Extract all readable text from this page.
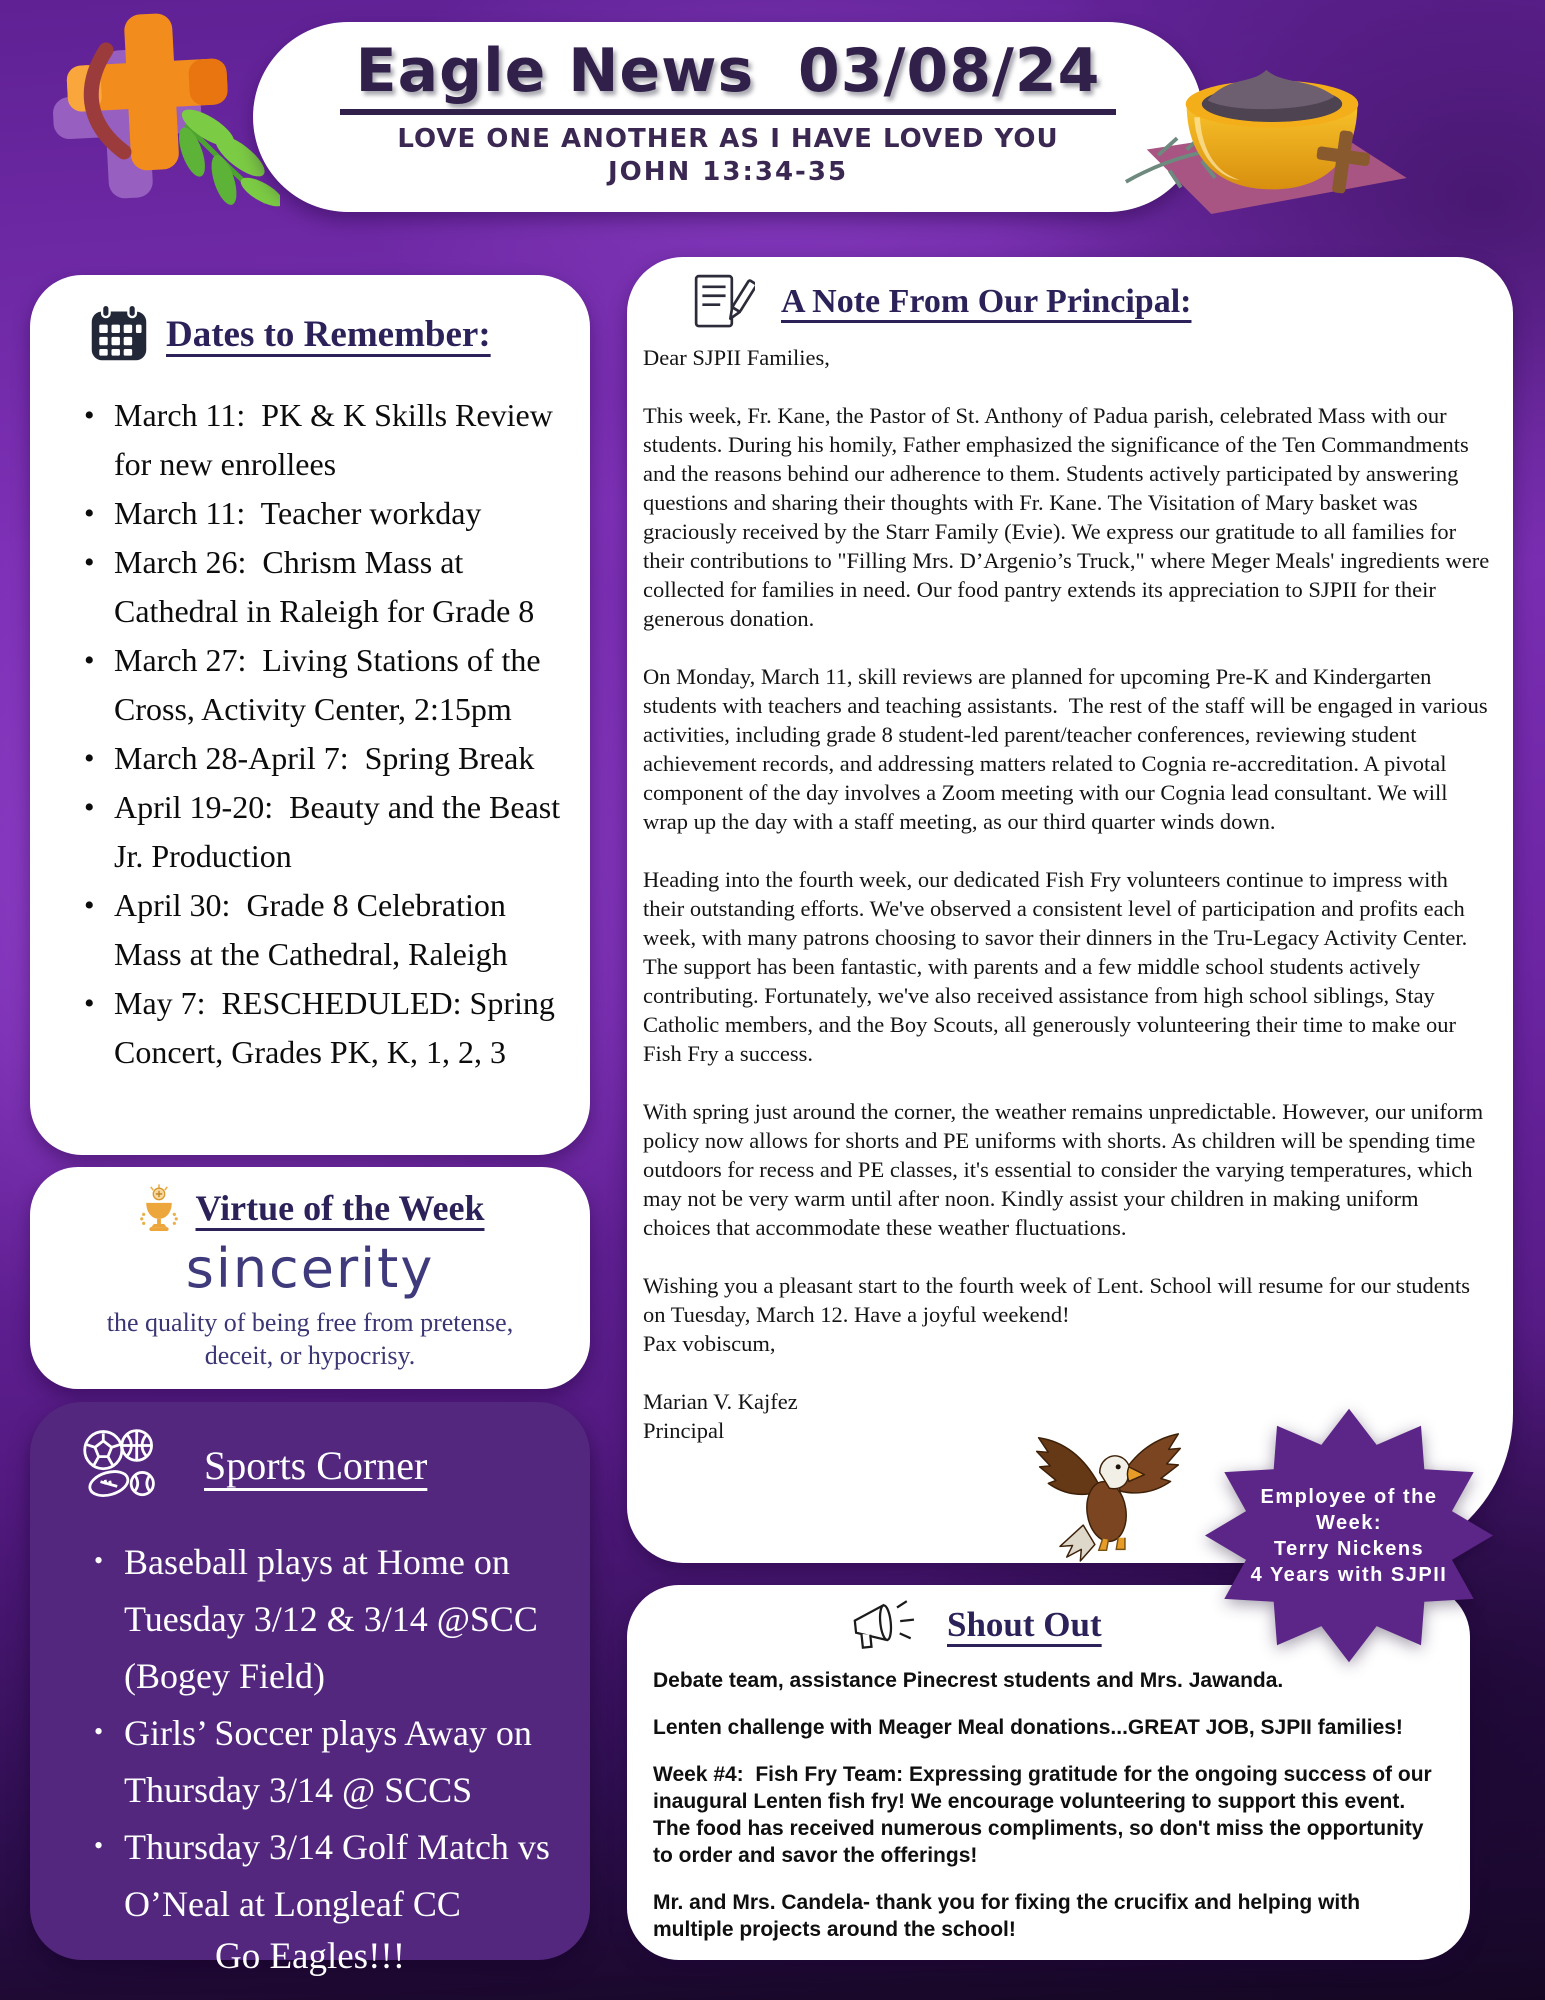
Eagle News  03/08/24
LOVE ONE ANOTHER AS I HAVE LOVED YOU
JOHN 13:34-35
Dates to Remember:
• March 11:  PK & K Skills Review for new enrollees
• March 11:  Teacher workday
• March 26:  Chrism Mass at Cathedral in Raleigh for Grade 8
• March 27:  Living Stations of the Cross, Activity Center, 2:15pm
• March 28-April 7:  Spring Break
• April 19-20:  Beauty and the Beast Jr. Production
• April 30:  Grade 8 Celebration Mass at the Cathedral, Raleigh
• May 7:  RESCHEDULED: Spring Concert, Grades PK, K, 1, 2, 3
Virtue of the Week
sincerity
the quality of being free from pretense, deceit, or hypocrisy.
Sports Corner
• Baseball plays at Home on Tuesday 3/12 & 3/14 @SCC (Bogey Field)
• Girls’ Soccer plays Away on Thursday 3/14 @ SCCS
• Thursday 3/14 Golf Match vs O’Neal at Longleaf CC
Go Eagles!!!
A Note From Our Principal:

Dear SJPII Families,

This week, Fr. Kane, the Pastor of St. Anthony of Padua parish, celebrated Mass with our students. During his homily, Father emphasized the significance of the Ten Commandments and the reasons behind our adherence to them. Students actively participated by answering questions and sharing their thoughts with Fr. Kane. The Visitation of Mary basket was graciously received by the Starr Family (Evie). We express our gratitude to all families for their contributions to "Filling Mrs. D’Argenio’s Truck," where Meger Meals' ingredients were collected for families in need. Our food pantry extends its appreciation to SJPII for their generous donation.

On Monday, March 11, skill reviews are planned for upcoming Pre-K and Kindergarten students with teachers and teaching assistants.  The rest of the staff will be engaged in various activities, including grade 8 student-led parent/teacher conferences, reviewing student achievement records, and addressing matters related to Cognia re-accreditation. A pivotal component of the day involves a Zoom meeting with our Cognia lead consultant. We will wrap up the day with a staff meeting, as our third quarter winds down.

Heading into the fourth week, our dedicated Fish Fry volunteers continue to impress with their outstanding efforts. We've observed a consistent level of participation and profits each week, with many patrons choosing to savor their dinners in the Tru-Legacy Activity Center. The support has been fantastic, with parents and a few middle school students actively contributing. Fortunately, we've also received assistance from high school siblings, Stay Catholic members, and the Boy Scouts, all generously volunteering their time to make our Fish Fry a success.

With spring just around the corner, the weather remains unpredictable. However, our uniform policy now allows for shorts and PE uniforms with shorts. As children will be spending time outdoors for recess and PE classes, it's essential to consider the varying temperatures, which may not be very warm until after noon. Kindly assist your children in making uniform choices that accommodate these weather fluctuations.

Wishing you a pleasant start to the fourth week of Lent. School will resume for our students on Tuesday, March 12. Have a joyful weekend!

Pax vobiscum,

Marian V. Kajfez

Principal

Employee of the
Week:
Terry Nickens
4 Years with SJPII
Shout Out

Debate team, assistance Pinecrest students and Mrs. Jawanda.

Lenten challenge with Meager Meal donations...GREAT JOB, SJPII families!

Week #4:  Fish Fry Team: Expressing gratitude for the ongoing success of our inaugural Lenten fish fry! We encourage volunteering to support this event. The food has received numerous compliments, so don't miss the opportunity to order and savor the offerings!

Mr. and Mrs. Candela- thank you for fixing the crucifix and helping with multiple projects around the school!
